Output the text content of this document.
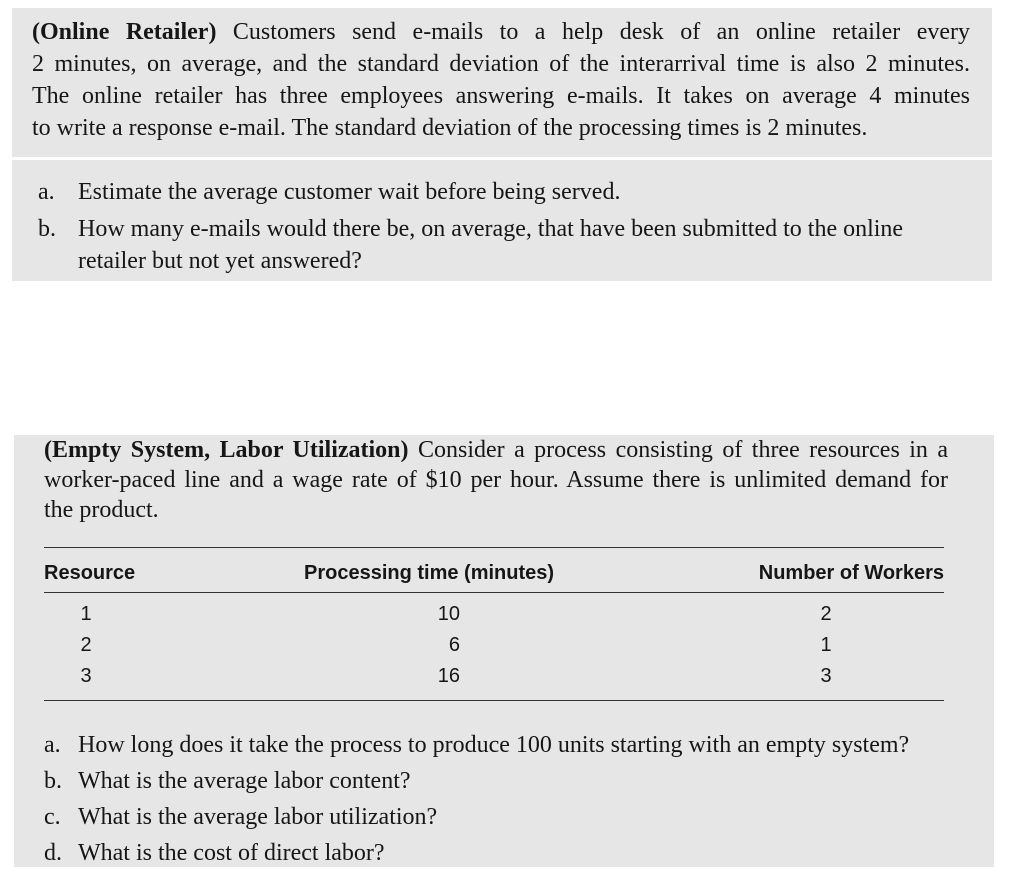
(Online Retailer) Customers send e-mails to a help desk of an online retailer every
2 minutes, on average, and the standard deviation of the interarrival time is also 2 minutes.
The online retailer has three employees answering e-mails. It takes on average 4 minutes
to write a response e-mail. The standard deviation of the processing times is 2 minutes.
a. Estimate the average customer wait before being served.
b. How many e-mails would there be, on average, that have been submitted to the online retailer but not yet answered?
(Empty System, Labor Utilization) Consider a process consisting of three resources in a
worker-paced line and a wage rate of $10 per hour. Assume there is unlimited demand for
the product.
Resource	Processing time (minutes)	Number of Workers
1	10	2
2	6	1
3	16	3
a. How long does it take the process to produce 100 units starting with an empty system?
b. What is the average labor content?
c. What is the average labor utilization?
d. What is the cost of direct labor?
